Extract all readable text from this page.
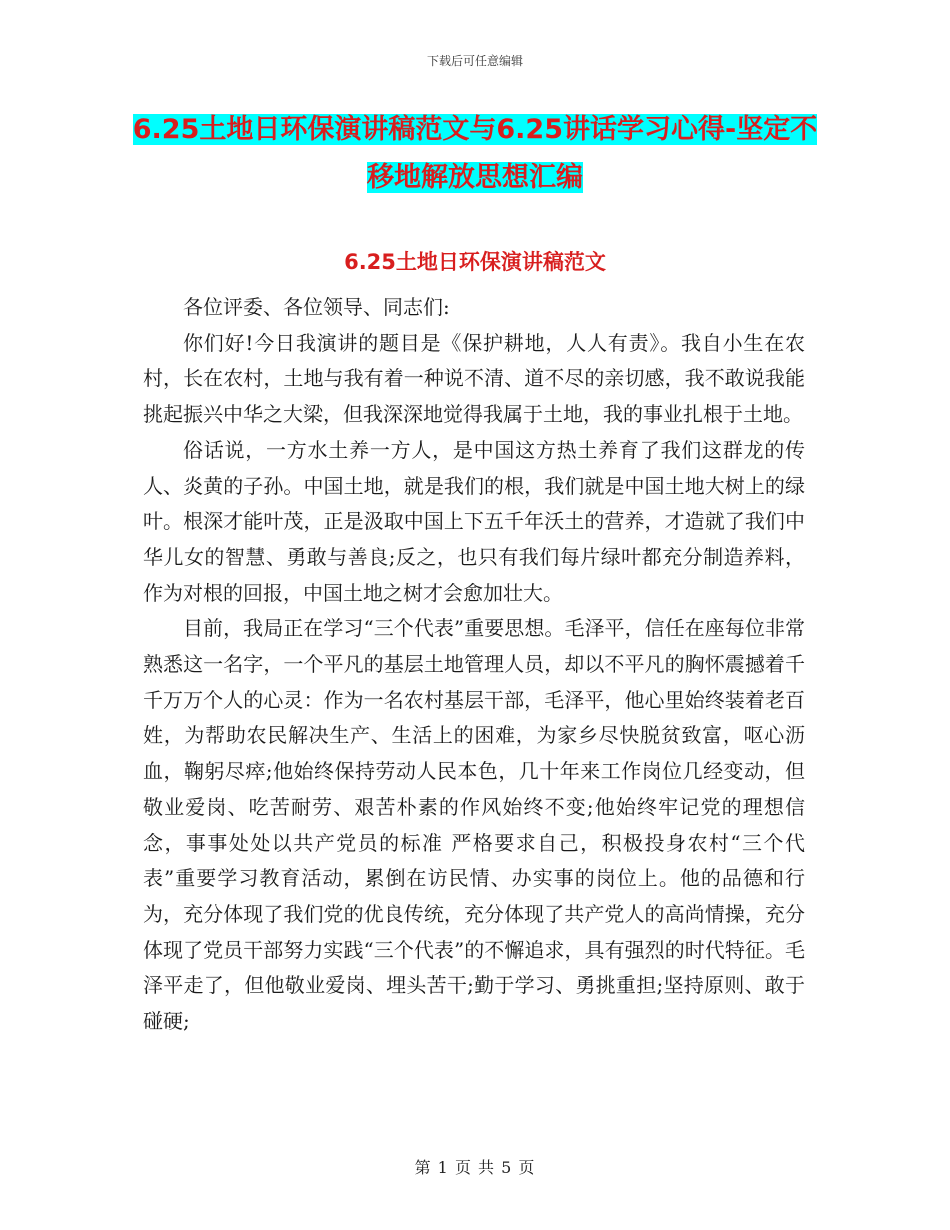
下载后可任意编辑
6.25土地日环保演讲稿范文与6.25讲话学习心得-坚定不移地解放思想汇编
6.25土地日环保演讲稿范文

各位评委、各位领导、同志们:

你们好!今日我演讲的题目是《保护耕地，人人有责》。我自小生在农村，长在农村，土地与我有着一种说不清、道不尽的亲切感，我不敢说我能挑起振兴中华之大梁，但我深深地觉得我属于土地，我的事业扎根于土地。

俗话说，一方水土养一方人，是中国这方热土养育了我们这群龙的传人、炎黄的子孙。中国土地，就是我们的根，我们就是中国土地大树上的绿叶。根深才能叶茂，正是汲取中国上下五千年沃土的营养，才造就了我们中华儿女的智慧、勇敢与善良;反之，也只有我们每片绿叶都充分制造养料，作为对根的回报，中国土地之树才会愈加壮大。

目前，我局正在学习“三个代表”重要思想。毛泽平，信任在座每位非常熟悉这一名字，一个平凡的基层土地管理人员，却以不平凡的胸怀震撼着千千万万个人的心灵：作为一名农村基层干部，毛泽平，他心里始终装着老百姓，为帮助农民解决生产、生活上的困难，为家乡尽快脱贫致富，呕心沥血，鞠躬尽瘁;他始终保持劳动人民本色，几十年来工作岗位几经变动，但敬业爱岗、吃苦耐劳、艰苦朴素的作风始终不变;他始终牢记党的理想信念，事事处处以共产党员的标准 严格要求自己，积极投身农村“三个代表”重要学习教育活动，累倒在访民情、办实事的岗位上。他的品德和行为，充分体现了我们党的优良传统，充分体现了共产党人的高尚情操，充分体现了党员干部努力实践“三个代表”的不懈追求，具有强烈的时代特征。毛泽平走了，但他敬业爱岗、埋头苦干;勤于学习、勇挑重担;坚持原则、敢于碰硬;

第 1 页 共 5 页
